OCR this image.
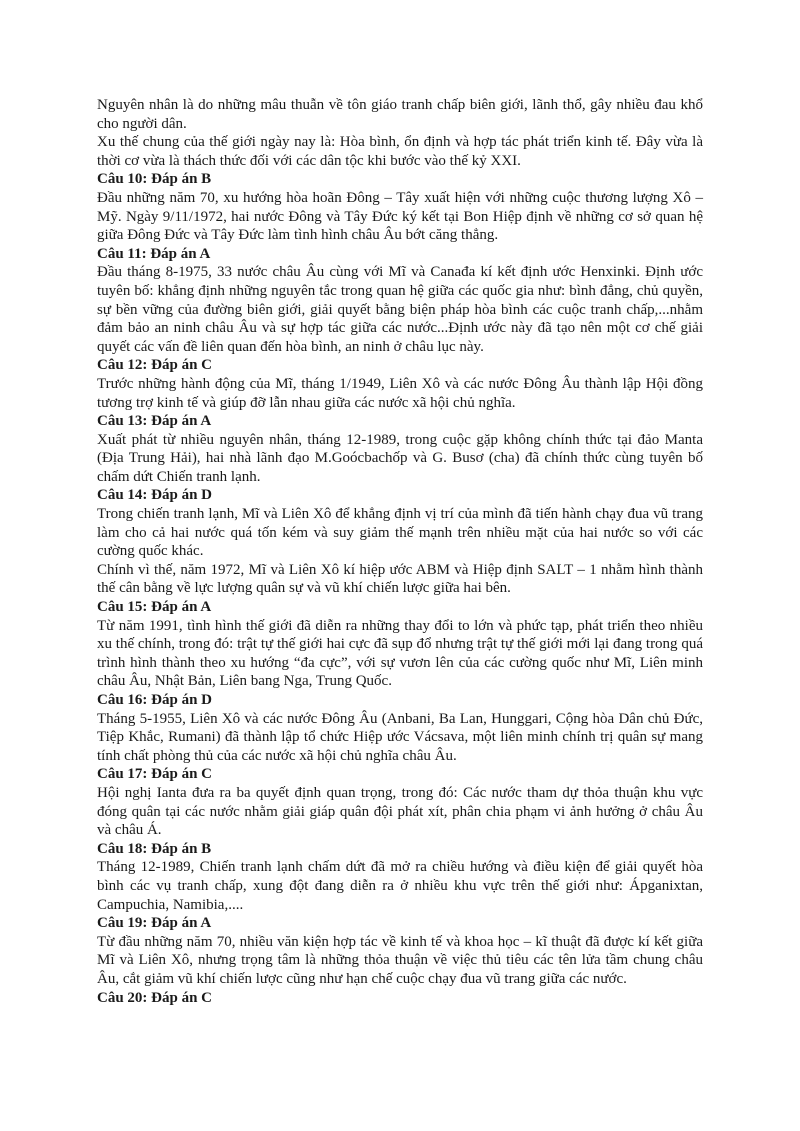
Nguyên nhân là do những mâu thuẫn về tôn giáo tranh chấp biên giới, lãnh thổ, gây nhiều đau khổ cho người dân.

Xu thế chung của thế giới ngày nay là: Hòa bình, ổn định và hợp tác phát triển kinh tế. Đây vừa là thời cơ vừa là thách thức đối với các dân tộc khi bước vào thế kỷ XXI.

Câu 10: Đáp án B

Đầu những năm 70, xu hướng hòa hoãn Đông – Tây xuất hiện với những cuộc thương lượng Xô – Mỹ. Ngày 9/11/1972, hai nước Đông và Tây Đức ký kết tại Bon Hiệp định về những cơ sở quan hệ giữa Đông Đức và Tây Đức làm tình hình châu Âu bớt căng thẳng.

Câu 11: Đáp án A

Đầu tháng 8-1975, 33 nước châu Âu cùng với Mĩ và Canađa kí kết định ước Henxinki. Định ước tuyên bố: khẳng định những nguyên tắc trong quan hệ giữa các quốc gia như: bình đẳng, chủ quyền, sự bền vững của đường biên giới, giải quyết bằng biện pháp hòa bình các cuộc tranh chấp,...nhằm đảm bảo an ninh châu Âu và sự hợp tác giữa các nước...Định ước này đã tạo nên một cơ chế giải quyết các vấn đề liên quan đến hòa bình, an ninh ở châu lục này.

Câu 12: Đáp án C

Trước những hành động của Mĩ, tháng 1/1949, Liên Xô và các nước Đông Âu thành lập Hội đồng tương trợ kinh tế và giúp đỡ lẫn nhau giữa các nước xã hội chủ nghĩa.

Câu 13: Đáp án A

Xuất phát từ nhiều nguyên nhân, tháng 12-1989, trong cuộc gặp không chính thức tại đảo Manta (Địa Trung Hải), hai nhà lãnh đạo M.Goócbachốp và G. Busơ (cha) đã chính thức cùng tuyên bố chấm dứt Chiến tranh lạnh.

Câu 14: Đáp án D

Trong chiến tranh lạnh, Mĩ và Liên Xô để khẳng định vị trí của mình đã tiến hành chạy đua vũ trang làm cho cả hai nước quá tốn kém và suy giảm thế mạnh trên nhiều mặt của hai nước so với các cường quốc khác.

Chính vì thế, năm 1972, Mĩ và Liên Xô kí hiệp ước ABM và Hiệp định SALT – 1 nhằm hình thành thế cân bằng về lực lượng quân sự và vũ khí chiến lược giữa hai bên.

Câu 15: Đáp án A

Từ năm 1991, tình hình thế giới đã diễn ra những thay đổi to lớn và phức tạp, phát triển theo nhiều xu thế chính, trong đó: trật tự thế giới hai cực đã sụp đổ nhưng trật tự thế giới mới lại đang trong quá trình hình thành theo xu hướng “đa cực”, với sự vươn lên của các cường quốc như Mĩ, Liên minh châu Âu, Nhật Bản, Liên bang Nga, Trung Quốc.

Câu 16: Đáp án D

Tháng 5-1955, Liên Xô và các nước Đông Âu (Anbani, Ba Lan, Hunggari, Cộng hòa Dân chủ Đức, Tiệp Khắc, Rumani) đã thành lập tổ chức Hiệp ước Vácsava, một liên minh chính trị quân sự mang tính chất phòng thủ của các nước xã hội chủ nghĩa châu Âu.

Câu 17: Đáp án C

Hội nghị Ianta đưa ra ba quyết định quan trọng, trong đó: Các nước tham dự thỏa thuận khu vực đóng quân tại các nước nhằm giải giáp quân đội phát xít, phân chia phạm vi ảnh hưởng ở châu Âu và châu Á.

Câu 18: Đáp án B

Tháng 12-1989, Chiến tranh lạnh chấm dứt đã mở ra chiều hướng và điều kiện để giải quyết hòa bình các vụ tranh chấp, xung đột đang diễn ra ở nhiều khu vực trên thế giới như: Ápganixtan, Campuchia, Namibia,....

Câu 19: Đáp án A

Từ đầu những năm 70, nhiều văn kiện hợp tác về kinh tế và khoa học – kĩ thuật đã được kí kết giữa Mĩ và Liên Xô, nhưng trọng tâm là những thỏa thuận về việc thủ tiêu các tên lửa tầm chung châu Âu, cắt giảm vũ khí chiến lược cũng như hạn chế cuộc chạy đua vũ trang giữa các nước.

Câu 20: Đáp án C
